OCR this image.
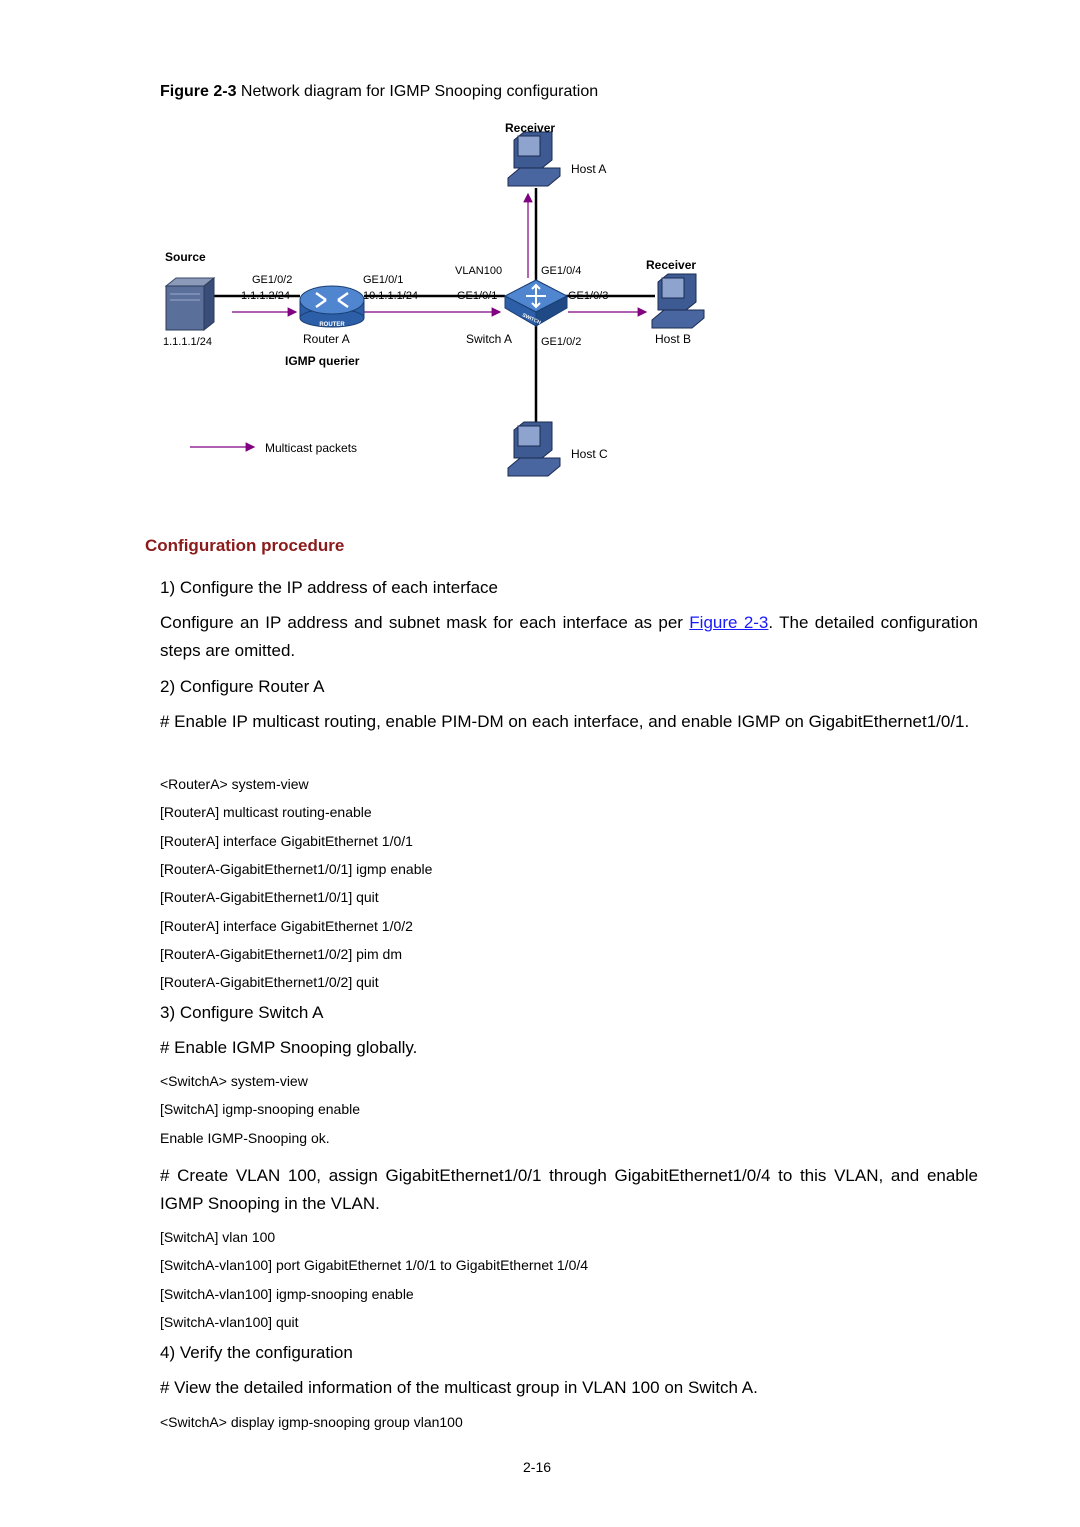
Figure 2-3 Network diagram for IGMP Snooping configuration
ROUTER	SWITCH
Receiver
Host A
Source
GE1/0/2
1.1.1.2/24
GE1/0/1
10.1.1.1/24
VLAN100	GE1/0/4
GE1/0/1	GE1/0/3
Receiver
1.1.1.1/24	Router A
IGMP querier
Switch A	GE1/0/2	Host B
Multicast packets	Host C
Configuration procedure
1) Configure the IP address of each interface
Configure an IP address and subnet mask for each interface as per Figure 2-3. The detailed configuration steps are omitted.
2) Configure Router A
# Enable IP multicast routing, enable PIM-DM on each interface, and enable IGMP on GigabitEthernet1/0/1.
<RouterA> system-view
[RouterA] multicast routing-enable
[RouterA] interface GigabitEthernet 1/0/1
[RouterA-GigabitEthernet1/0/1] igmp enable
[RouterA-GigabitEthernet1/0/1] quit
[RouterA] interface GigabitEthernet 1/0/2
[RouterA-GigabitEthernet1/0/2] pim dm
[RouterA-GigabitEthernet1/0/2] quit
3) Configure Switch A
# Enable IGMP Snooping globally.
<SwitchA> system-view
[SwitchA] igmp-snooping enable
Enable IGMP-Snooping ok.
# Create VLAN 100, assign GigabitEthernet1/0/1 through GigabitEthernet1/0/4 to this VLAN, and enable IGMP Snooping in the VLAN.
[SwitchA] vlan 100
[SwitchA-vlan100] port GigabitEthernet 1/0/1 to GigabitEthernet 1/0/4
[SwitchA-vlan100] igmp-snooping enable
[SwitchA-vlan100] quit
4) Verify the configuration
# View the detailed information of the multicast group in VLAN 100 on Switch A.
<SwitchA> display igmp-snooping group vlan100
2-16
